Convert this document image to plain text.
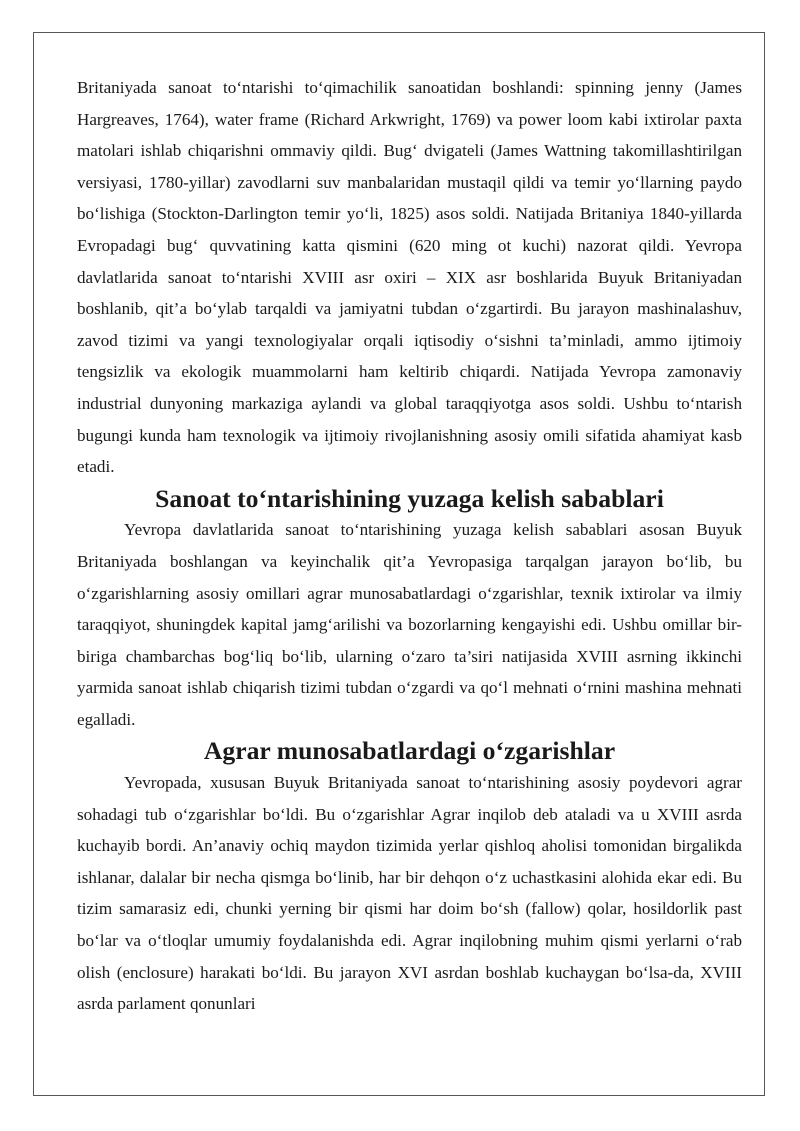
Britaniyada sanoat to‘ntarishi to‘qimachilik sanoatidan boshlandi: spinning jenny (James Hargreaves, 1764), water frame (Richard Arkwright, 1769) va power loom kabi ixtirolar paxta matolari ishlab chiqarishni ommaviy qildi. Bug‘ dvigateli (James Wattning takomillashtirilgan versiyasi, 1780-yillar) zavodlarni suv manbalaridan mustaqil qildi va temir yo‘llarning paydo bo‘lishiga (Stockton-Darlington temir yo‘li, 1825) asos soldi. Natijada Britaniya 1840-yillarda Evropadagi bug‘ quvvatining katta qismini (620 ming ot kuchi) nazorat qildi. Yevropa davlatlarida sanoat to‘ntarishi XVIII asr oxiri – XIX asr boshlarida Buyuk Britaniyadan boshlanib, qit’a bo‘ylab tarqaldi va jamiyatni tubdan o‘zgartirdi. Bu jarayon mashinalashuv, zavod tizimi va yangi texnologiyalar orqali iqtisodiy o‘sishni ta’minladi, ammo ijtimoiy tengsizlik va ekologik muammolarni ham keltirib chiqardi. Natijada Yevropa zamonaviy industrial dunyoning markaziga aylandi va global taraqqiyotga asos soldi. Ushbu to‘ntarish bugungi kunda ham texnologik va ijtimoiy rivojlanishning asosiy omili sifatida ahamiyat kasb etadi.

Sanoat to‘ntarishining yuzaga kelish sabablari

Yevropa davlatlarida sanoat to‘ntarishining yuzaga kelish sabablari asosan Buyuk Britaniyada boshlangan va keyinchalik qit’a Yevropasiga tarqalgan jarayon bo‘lib, bu o‘zgarishlarning asosiy omillari agrar munosabatlardagi o‘zgarishlar, texnik ixtirolar va ilmiy taraqqiyot, shuningdek kapital jamg‘arilishi va bozorlarning kengayishi edi. Ushbu omillar bir-biriga chambarchas bog‘liq bo‘lib, ularning o‘zaro ta’siri natijasida XVIII asrning ikkinchi yarmida sanoat ishlab chiqarish tizimi tubdan o‘zgardi va qo‘l mehnati o‘rnini mashina mehnati egalladi.

Agrar munosabatlardagi o‘zgarishlar

Yevropada, xususan Buyuk Britaniyada sanoat to‘ntarishining asosiy poydevori agrar sohadagi tub o‘zgarishlar bo‘ldi. Bu o‘zgarishlar Agrar inqilob deb ataladi va u XVIII asrda kuchayib bordi. An’anaviy ochiq maydon tizimida yerlar qishloq aholisi tomonidan birgalikda ishlanar, dalalar bir necha qismga bo‘linib, har bir dehqon o‘z uchastkasini alohida ekar edi. Bu tizim samarasiz edi, chunki yerning bir qismi har doim bo‘sh (fallow) qolar, hosildorlik past bo‘lar va o‘tloqlar umumiy foydalanishda edi. Agrar inqilobning muhim qismi yerlarni o‘rab olish (enclosure) harakati bo‘ldi. Bu jarayon XVI asrdan boshlab kuchaygan bo‘lsa-da, XVIII asrda parlament qonunlari
